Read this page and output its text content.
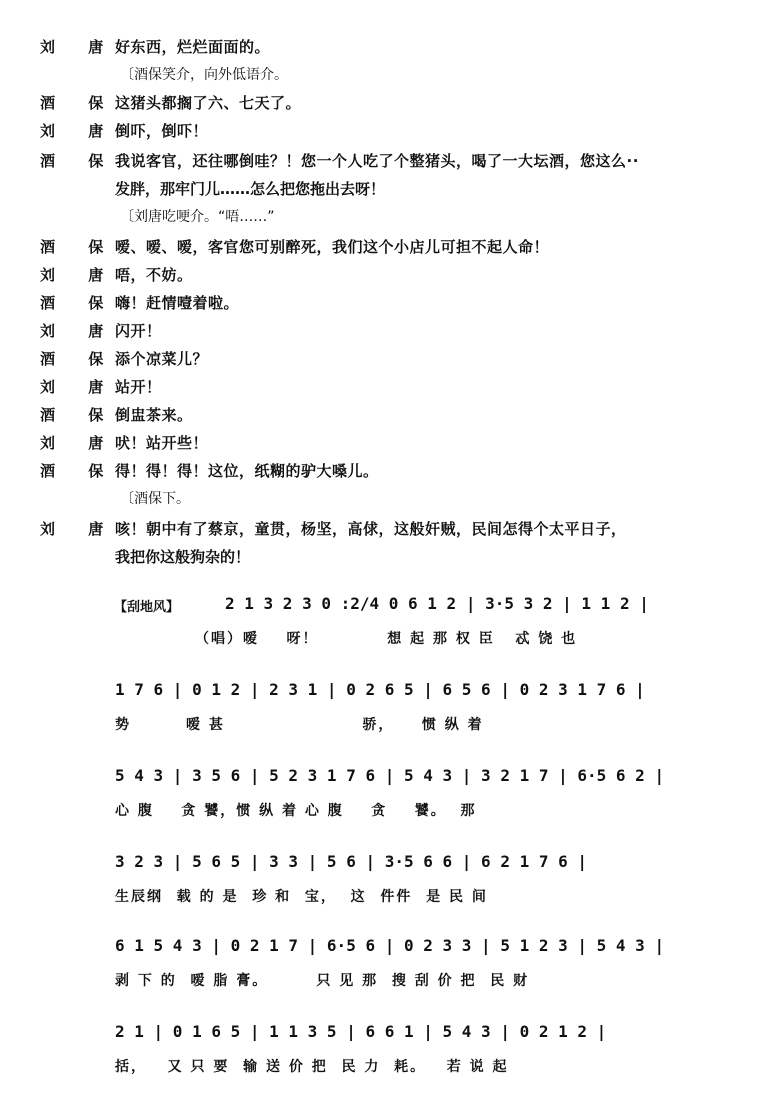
刘 唐
好东西，烂烂面面的。
〔酒保笑介，向外低语介。
酒 保
这猪头都搁了六、七天了。
刘 唐
倒吓，倒吓！
酒 保
我说客官，还往哪倒哇？！您一个人吃了个整猪头，喝了一大坛酒，您这么··
发胖，那牢门儿……怎么把您拖出去呀！
〔刘唐吃哽介。“唔……”
酒 保
嗳、嗳、嗳，客官您可别醉死，我们这个小店儿可担不起人命！
刘 唐
唔，不妨。
酒 保
嗨！赶情噎着啦。
刘 唐
闪开！
酒 保
添个凉菜儿？
刘 唐
站开！
酒 保
倒盅茶来。
刘 唐
吠！站开些！
酒 保
得！得！得！这位，纸糊的驴大嗓儿。
〔酒保下。
刘 唐
咳！朝中有了蔡京，童贯，杨坚，高俅，这般奸贼，民间怎得个太平日子，
我把你这般狗杂的！
【刮地风】	2 1 3 2 3 0 :2/4 0 6 1 2 | 3·5 3 2 | 1 1 2 |
（唱）嗳    呀！          想 起 那 权 臣   忒 饶 也
1 7 6 | 0 1 2 | 2 3 1 | 0 2 6 5 | 6 5 6 | 0 2 3 1 7 6 |
势        嗳 甚                    骄，    惯 纵 着
5 4 3 | 3 5 6 | 5 2 3 1 7 6 | 5 4 3 | 3 2 1 7 | 6·5 6 2 |
心 腹    贪 饕，惯 纵 着 心 腹    贪    饕。  那
3 2 3 | 5 6 5 | 3 3 | 5 6 | 3·5 6 6 | 6 2 1 7 6 |
生辰纲  载 的 是  珍 和  宝，  这  件件  是 民 间
6 1 5 4 3 | 0 2 1 7 | 6·5 6 | 0 2 3 3 | 5 1 2 3 | 5 4 3 |
剥 下 的  嗳 脂 膏。       只 见 那  搜 刮 价 把  民 财
2 1 | 0 1 6 5 | 1 1 3 5 | 6 6 1 | 5 4 3 | 0 2 1 2 |
括，   又 只 要  输 送 价 把  民 力  耗。   若 说 起
